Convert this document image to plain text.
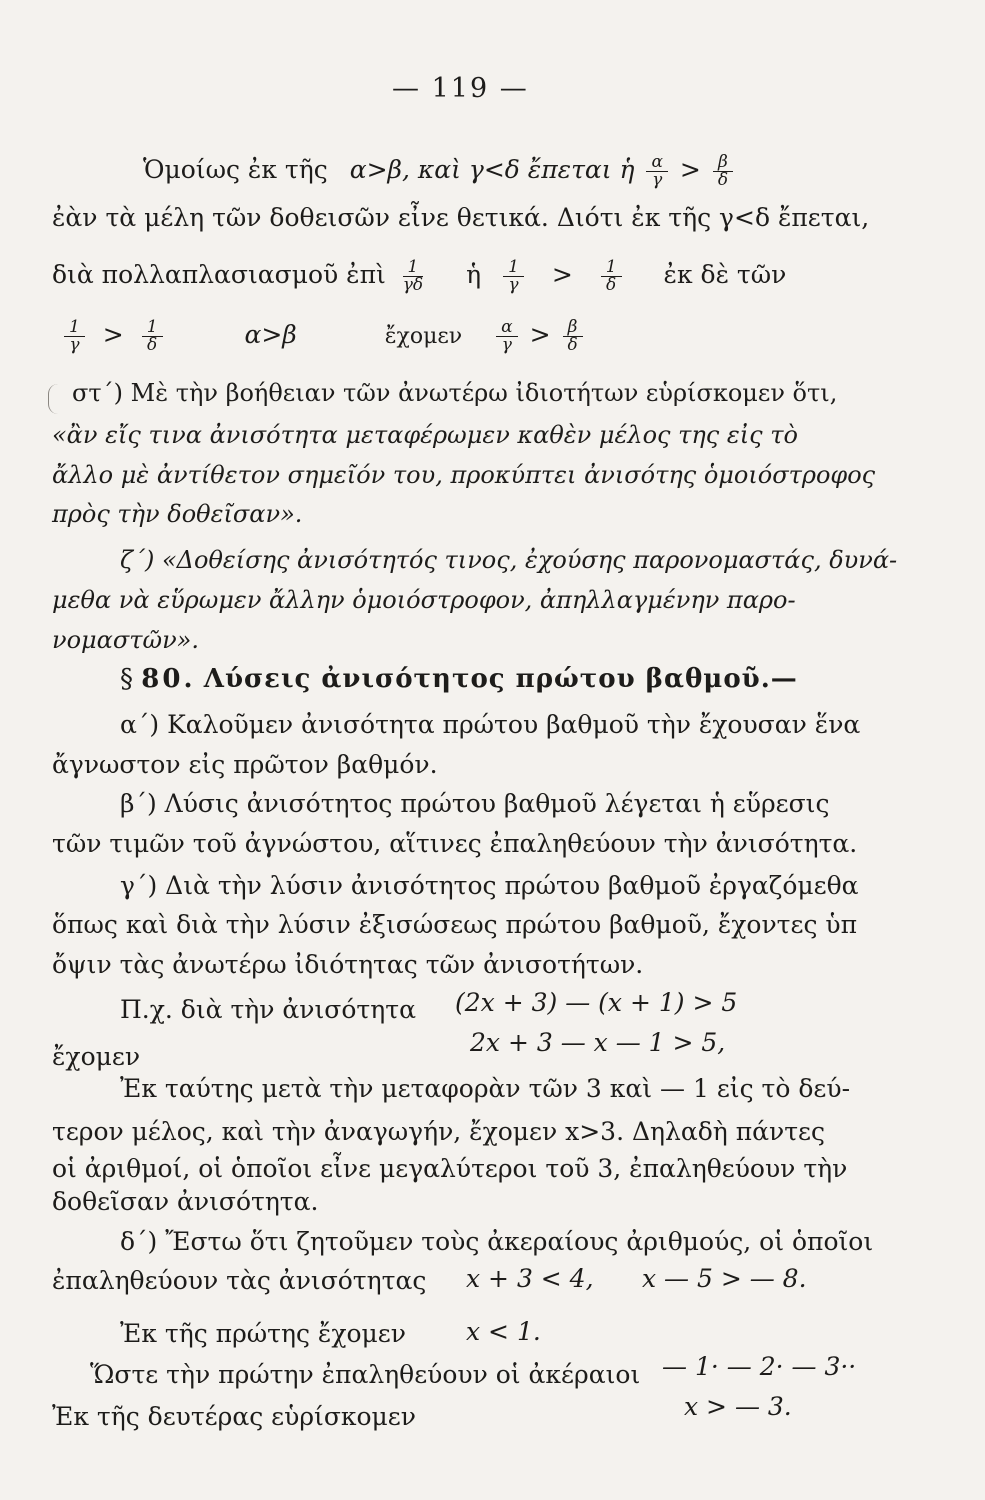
— 119 —
Ὁμοίως ἐκ τῆς α>β, καὶ γ<δ ἔπεται ἡ $\frac{\alpha}{\gamma} > \frac{\beta}{\delta}$
ἐὰν τὰ μέλη τῶν δοθεισῶν εἶνε θετικά. Διότι ἐκ τῆς γ<δ ἔπεται,
διὰ πολλαπλασιασμοῦ ἐπὶ $\frac{1}{\gamma\delta}$ ἡ $\frac{1}{\gamma} > \frac{1}{\delta}$ ἐκ δὲ τῶν
$\frac{1}{\gamma} > \frac{1}{\delta}$	α>β	ἔχομεν $\frac{\alpha}{\gamma} > \frac{\beta}{\delta}$
στ΄) Μὲ τὴν βοήθειαν τῶν ἀνωτέρω ἰδιοτήτων εὑρίσκομεν ὅτι,
«ἂν εἴς τινα ἀνισότητα μεταφέρωμεν καθὲν μέλος της εἰς τὸ
ἄλλο μὲ ἀντίθετον σημεῖόν του, προκύπτει ἀνισότης ὁμοιόστροφος
πρὸς τὴν δοθεῖσαν».
ζ΄) «Δοθείσης ἀνισότητός τινος, ἐχούσης παρονομαστάς, δυνά-
μεθα νὰ εὕρωμεν ἄλλην ὁμοιόστροφον, ἀπηλλαγμένην παρο-
νομαστῶν».
§ 80. Λύσεις ἀνισότητος πρώτου βαθμοῦ.—
α΄) Καλοῦμεν ἀνισότητα πρώτου βαθμοῦ τὴν ἔχουσαν ἕνα
ἄγνωστον εἰς πρῶτον βαθμόν.
β΄) Λύσις ἀνισότητος πρώτου βαθμοῦ λέγεται ἡ εὕρεσις
τῶν τιμῶν τοῦ ἀγνώστου, αἵτινες ἐπαληθεύουν τὴν ἀνισότητα.
γ΄) Διὰ τὴν λύσιν ἀνισότητος πρώτου βαθμοῦ ἐργαζόμεθα
ὅπως καὶ διὰ τὴν λύσιν ἐξισώσεως πρώτου βαθμοῦ, ἔχοντες ὑπ
ὄψιν τὰς ἀνωτέρω ἰδιότητας τῶν ἀνισοτήτων.
Π.χ. διὰ τὴν ἀνισότητα (2x + 3) — (x + 1) > 5
ἔχομεν	2x + 3 — x — 1 > 5,
Ἐκ ταύτης μετὰ τὴν μεταφορὰν τῶν 3 καὶ — 1 εἰς τὸ δεύ-
τερον μέλος, καὶ τὴν ἀναγωγήν, ἔχομεν x>3. Δηλαδὴ πάντες
οἱ ἀριθμοί, οἱ ὁποῖοι εἶνε μεγαλύτεροι τοῦ 3, ἐπαληθεύουν τὴν
δοθεῖσαν ἀνισότητα.
δ΄) Ἔστω ὅτι ζητοῦμεν τοὺς ἀκεραίους ἀριθμούς, οἱ ὁποῖοι
ἐπαληθεύουν τὰς ἀνισότητας x + 3 < 4, x — 5 > — 8.
Ἐκ τῆς πρώτης ἔχομεν x < 1.
Ὥστε τὴν πρώτην ἐπαληθεύουν οἱ ἀκέραιοι — 1· — 2· — 3··
Ἐκ τῆς δευτέρας εὑρίσκομεν	x > — 3.
